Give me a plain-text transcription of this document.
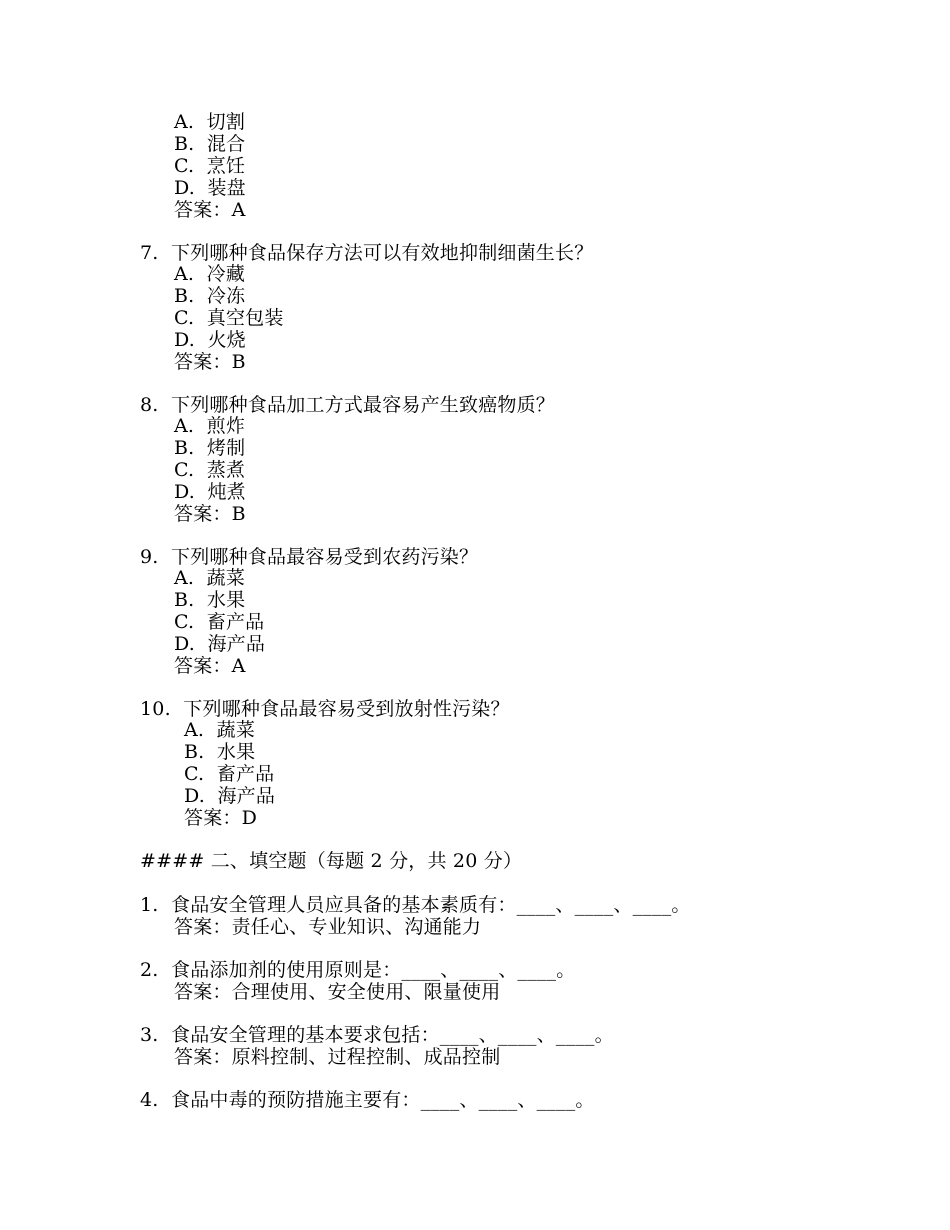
A.  切割
B.  混合
C.  烹饪
D.  装盘
答案：A
7.  下列哪种食品保存方法可以有效地抑制细菌生长？
A.  冷藏
B.  冷冻
C.  真空包装
D.  火烧
答案：B
8.  下列哪种食品加工方式最容易产生致癌物质？
A.  煎炸
B.  烤制
C.  蒸煮
D.  炖煮
答案：B
9.  下列哪种食品最容易受到农药污染？
A.  蔬菜
B.  水果
C.  畜产品
D.  海产品
答案：A
10.  下列哪种食品最容易受到放射性污染？
A.  蔬菜
B.  水果
C.  畜产品
D.  海产品
答案：D
#### 二、填空题（每题 2 分，共 20 分）
1.  食品安全管理人员应具备的基本素质有：____、____、____。
答案：责任心、专业知识、沟通能力
2.  食品添加剂的使用原则是：____、____、____。
答案：合理使用、安全使用、限量使用
3.  食品安全管理的基本要求包括：____、____、____。
答案：原料控制、过程控制、成品控制
4.  食品中毒的预防措施主要有：____、____、____。
